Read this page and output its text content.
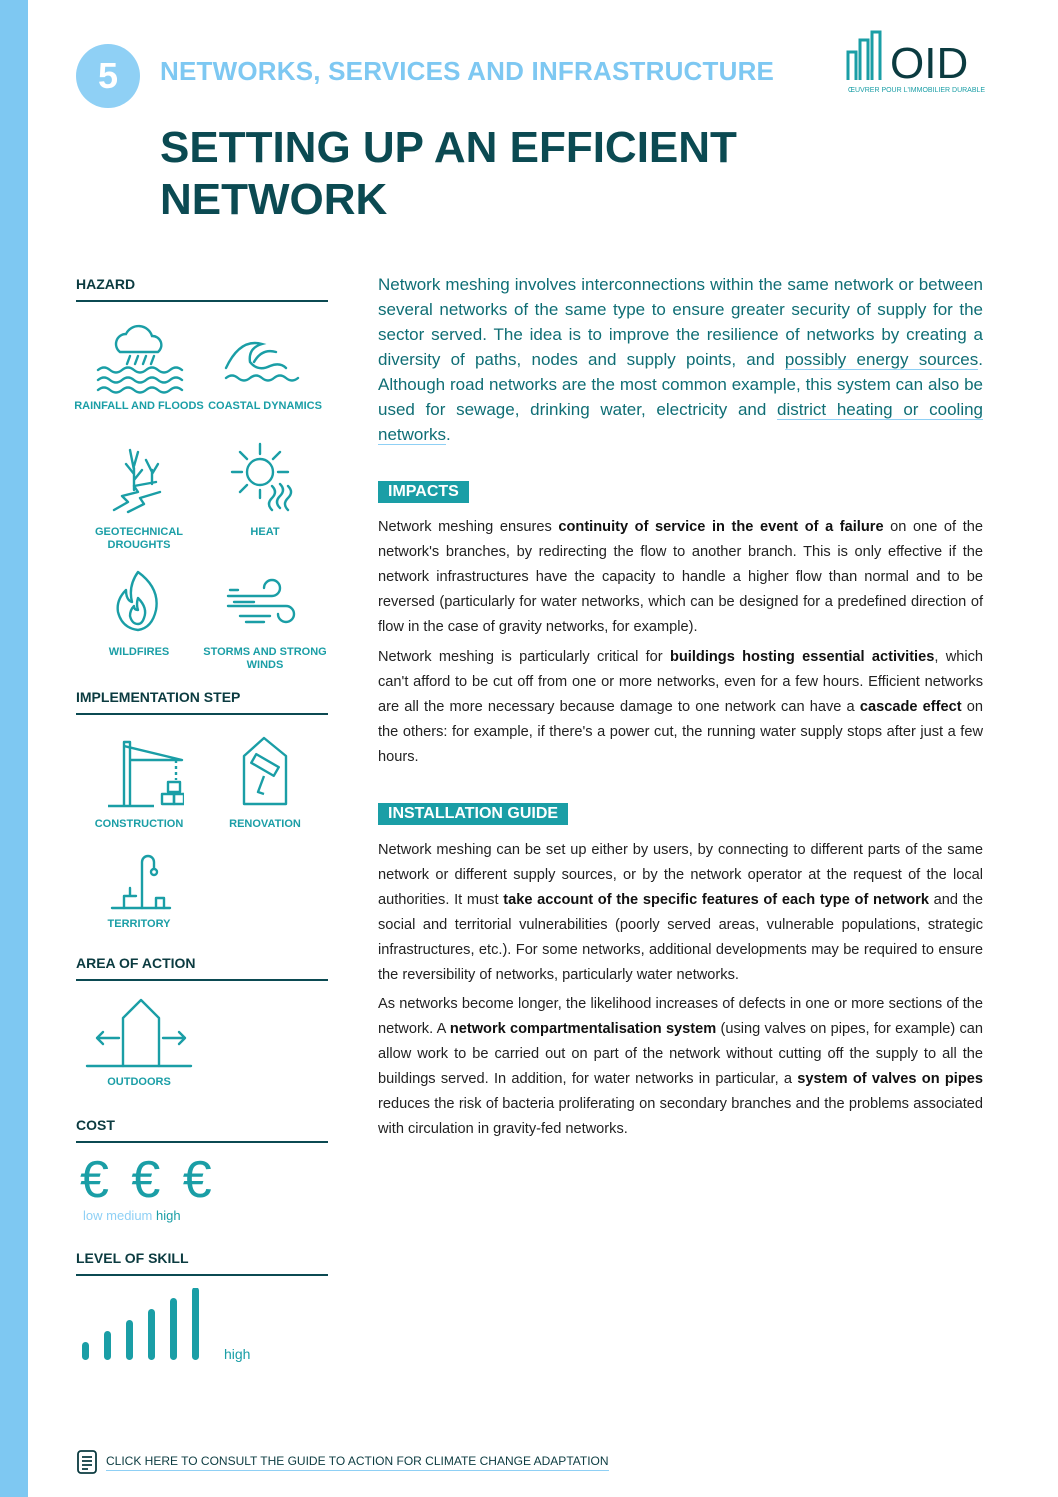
5	NETWORKS, SERVICES AND INFRASTRUCTURE	OID
ŒUVRER POUR L'IMMOBILIER DURABLE
SETTING UP AN EFFICIENT
NETWORK
HAZARD
RAINFALL AND FLOODS COASTAL DYNAMICS
GEOTECHNICAL DROUGHTS
HEAT
WILDFIRES	STORMS AND STRONG WINDS
IMPLEMENTATION STEP
CONSTRUCTION	RENOVATION
TERRITORY
AREA OF ACTION
OUTDOORS
COST
€ € €
low medium high
LEVEL OF SKILL
high

Network meshing involves interconnections within the same network or between several networks of the same type to ensure greater security of supply for the sector served. The idea is to improve the resilience of networks by creating a diversity of paths, nodes and supply points, and possibly energy sources. Although road networks are the most common example, this system can also be used for sewage, drinking water, electricity and district heating or cooling networks.

IMPACTS

Network meshing ensures continuity of service in the event of a failure on one of the network's branches, by redirecting the flow to another branch. This is only effective if the network infrastructures have the capacity to handle a higher flow than normal and to be reversed (particularly for water networks, which can be designed for a predefined direction of flow in the case of gravity networks, for example).

Network meshing is particularly critical for buildings hosting essential activities, which can't afford to be cut off from one or more networks, even for a few hours. Efficient networks are all the more necessary because damage to one network can have a cascade effect on the others: for example, if there's a power cut, the running water supply stops after just a few hours.

INSTALLATION GUIDE

Network meshing can be set up either by users, by connecting to different parts of the same network or different supply sources, or by the network operator at the request of the local authorities. It must take account of the specific features of each type of network and the social and territorial vulnerabilities (poorly served areas, vulnerable populations, strategic infrastructures, etc.). For some networks, additional developments may be required to ensure the reversibility of networks, particularly water networks.

As networks become longer, the likelihood increases of defects in one or more sections of the network. A network compartmentalisation system (using valves on pipes, for example) can allow work to be carried out on part of the network without cutting off the supply to all the buildings served. In addition, for water networks in particular, a system of valves on pipes reduces the risk of bacteria proliferating on secondary branches and the problems associated with circulation in gravity-fed networks.

CLICK HERE TO CONSULT THE GUIDE TO ACTION FOR CLIMATE CHANGE ADAPTATION
